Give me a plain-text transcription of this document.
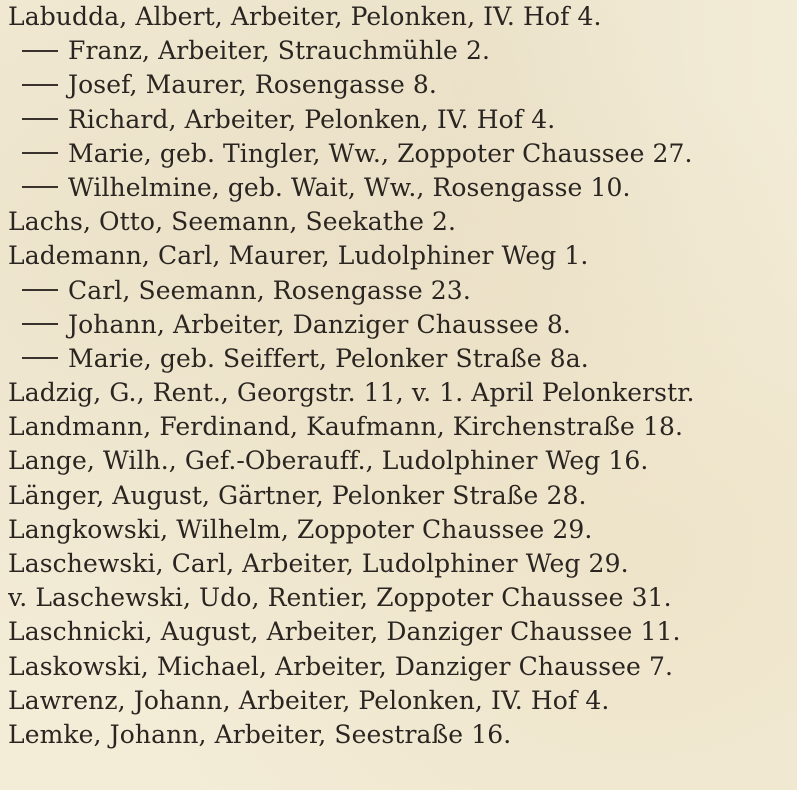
Labudda, Albert, Arbeiter, Pelonken, IV. Hof 4.
Franz, Arbeiter, Strauchmühle 2.
Josef, Maurer, Rosengasse 8.
Richard, Arbeiter, Pelonken, IV. Hof 4.
Marie, geb. Tingler, Ww., Zoppoter Chaussee 27.
Wilhelmine, geb. Wait, Ww., Rosengasse 10.
Lachs, Otto, Seemann, Seekathe 2.
Lademann, Carl, Maurer, Ludolphiner Weg 1.
Carl, Seemann, Rosengasse 23.
Johann, Arbeiter, Danziger Chaussee 8.
Marie, geb. Seiffert, Pelonker Straße 8a.
Ladzig, G., Rent., Georgstr. 11, v. 1. April Pelonkerstr.
Landmann, Ferdinand, Kaufmann, Kirchenstraße 18.
Lange, Wilh., Gef.-Oberauff., Ludolphiner Weg 16.
Länger, August, Gärtner, Pelonker Straße 28.
Langkowski, Wilhelm, Zoppoter Chaussee 29.
Laschewski, Carl, Arbeiter, Ludolphiner Weg 29.
v. Laschewski, Udo, Rentier, Zoppoter Chaussee 31.
Laschnicki, August, Arbeiter, Danziger Chaussee 11.
Laskowski, Michael, Arbeiter, Danziger Chaussee 7.
Lawrenz, Johann, Arbeiter, Pelonken, IV. Hof 4.
Lemke, Johann, Arbeiter, Seestraße 16.
